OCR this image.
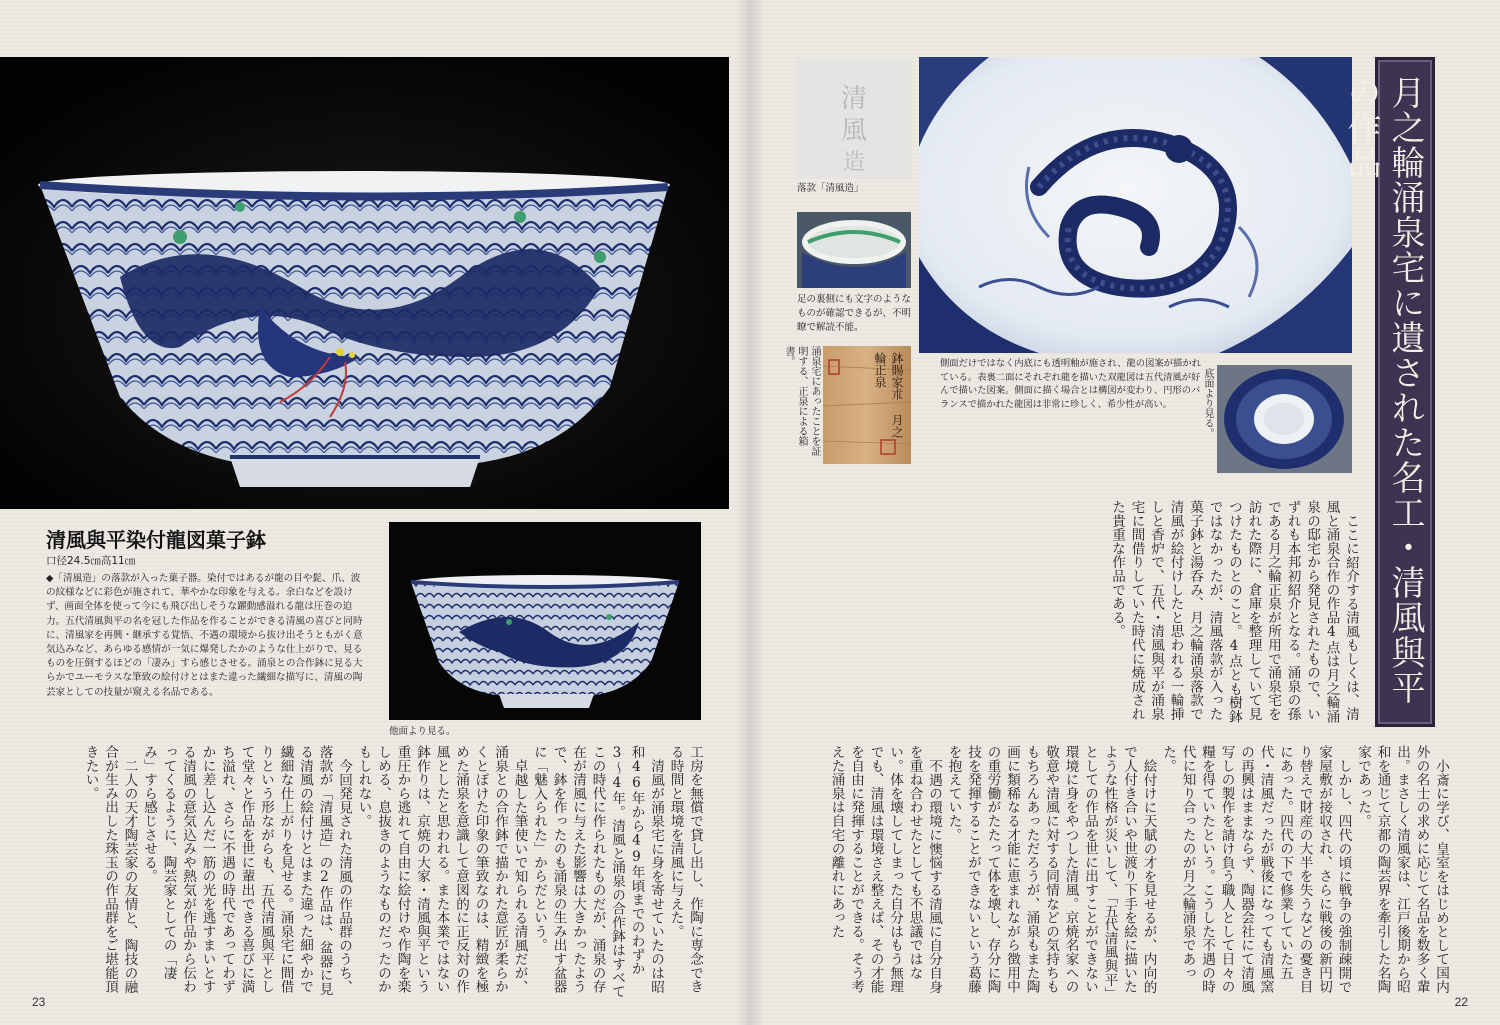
清風與平染付龍図菓子鉢
口径24.5㎝高11㎝
◆「清風造」の落款が入った菓子器。染付ではあるが龍の目や髭、爪、波の紋様などに彩色が施されて、華やかな印象を与える。余白などを設けず、画面全体を使って今にも飛び出しそうな躍動感溢れる龍は圧巻の迫力。五代清風與平の名を冠した作品を作ることができる清風の喜びと同時に、清風家を再興・継承する覚悟、不遇の環境から抜け出そうともがく意気込みなど、あらゆる感情が一気に爆発したかのような仕上がりで、見るものを圧倒するほどの「凄み」すら感じさせる。涌泉との合作鉢に見る大らかでユーモラスな筆致の絵付けとはまた違った繊細な描写に、清風の陶芸家としての技量が窺える名品である。
他面より見る。

工房を無償で貸し出し、作陶に専念できる時間と環境を清風に与えた。

清風が涌泉宅に身を寄せていたのは昭和46年から49年頃までのわずか3〜4年。清風と涌泉の合作鉢はすべてこの時代に作られたものだが、涌泉の存在が清風に与えた影響は大きかったようで、鉢を作ったのも涌泉の生み出す盆器に「魅入られた」からだという。

卓越した筆使いで知られる清風だが、涌泉との合作鉢で描かれた意匠が柔らかくとぼけた印象の筆致なのは、精緻を極めた涌泉を意識して意図的に正反対の作風としたと思われる。また本業ではない鉢作りは、京焼の大家・清風與平という重圧から逃れて自由に絵付けや作陶を楽しめる、息抜きのようなものだったのかもしれない。

今回発見された清風の作品群のうち、落款が「清風造」の2作品は、盆器に見る清風の絵付けとはまた違った細やかで繊細な仕上がりを見せる。涌泉宅に間借りという形ながらも、五代清風與平として堂々と作品を世に輩出できる喜びに満ち溢れ、さらに不遇の時代であってわずかに差し込んだ一筋の光を逃すまいとする清風の意気込みや熱気が作品から伝わってくるように、陶芸家としての「凄み」すら感じさせる。

二人の天才陶芸家の友情と、陶技の融合が生み出した珠玉の作品群をご堪能頂きたい。

23
清
風
造
落款「清風造」
足の裏側にも文字のようなものが確認できるが、不明瞭で解読不能。
鉢賜家朮 月之輪正泉
涌泉宅にあったことを証明する、正泉による箱書。	側面だけではなく内底にも透明釉が施され、龍の図案が描かれている。表裏二面にそれぞれ龍を描いた双龍図は五代清風が好んで描いた図案。側面に描く場合とは構図が変わり、円形のバランスで描かれた龍図は非常に珍しく、希少性が高い。	底面より見る。	月之輪涌泉宅に遺された名工・清風與平の作品

ここに紹介する清風もしくは、清風と涌泉合作の作品4点は月之輪涌泉の邸宅から発見されたもので、いずれも本邦初紹介となる。涌泉の孫である月之輪正泉が所用で涌泉宅を訪れた際に、倉庫を整理していて見つけたものとのこと。4点とも樹鉢ではなかったが、清風落款が入った菓子鉢と湯呑み、月之輪涌泉落款で清風が絵付けしたと思われる一輪挿しと香炉で、五代・清風與平が涌泉宅に間借りしていた時代に焼成された貴重な作品である。

小斎に学び、皇室をはじめとして国内外の名士の求めに応じて名品を数多く輩出。まさしく清風家は、江戸後期から昭和を通じて京都の陶芸界を牽引した名陶家であった。

しかし、四代の頃に戦争の強制疎開で家屋敷が接収され、さらに戦後の新円切り替えで財産の大半を失うなどの憂き目にあった。四代の下で修業していた五代・清風だったが戦後になっても清風窯の再興はままならず、陶器会社にて清風写しの製作を請け負う職人として日々の糧を得ていたという。こうした不遇の時代に知り合ったのが月之輪涌泉であった。

絵付けに天賦の才を見せるが、内向的で人付き合いや世渡り下手を絵に描いたような性格が災いして、「五代清風與平」としての作品を世に出すことができない環境に身をやつした清風。京焼名家への敬意や清風に対する同情などの気持ちももちろんあっただろうが、涌泉もまた陶画に類稀なる才能に恵まれながら徴用中の重労働がたたって体を壊し、存分に陶技を発揮することができないという葛藤を抱えていた。

不遇の環境に懊悩する清風に自分自身を重ね合わせたとしても不思議ではない。体を壊してしまった自分はもう無理でも、清風は環境さえ整えば、その才能を自由に発揮することができる。そう考えた涌泉は自宅の離れにあった

22
